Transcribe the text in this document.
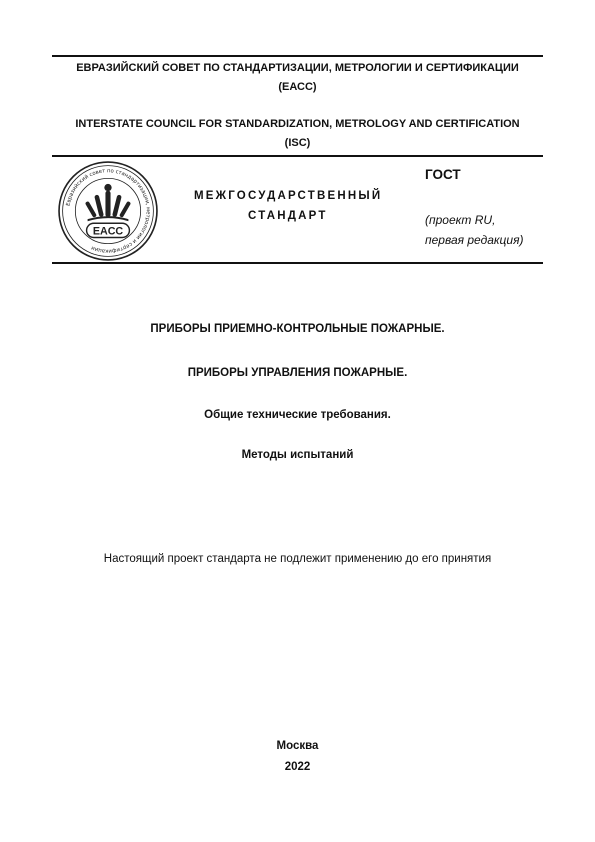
ЕВРАЗИЙСКИЙ СОВЕТ ПО СТАНДАРТИЗАЦИИ, МЕТРОЛОГИИ И СЕРТИФИКАЦИИ
(ЕАСС)
INTERSTATE COUNCIL FOR STANDARDIZATION, METROLOGY AND CERTIFICATION
(ISC)
Евразийский совет по стандартизации, метрологии и сертификации
EACC
МЕЖГОСУДАРСТВЕННЫЙ
СТАНДАРТ
ГОСТ
(проект RU,
первая редакция)
ПРИБОРЫ ПРИЕМНО-КОНТРОЛЬНЫЕ ПОЖАРНЫЕ.
ПРИБОРЫ УПРАВЛЕНИЯ ПОЖАРНЫЕ.
Общие технические требования.
Методы испытаний
Настоящий проект стандарта не подлежит применению до его принятия
Москва
2022
